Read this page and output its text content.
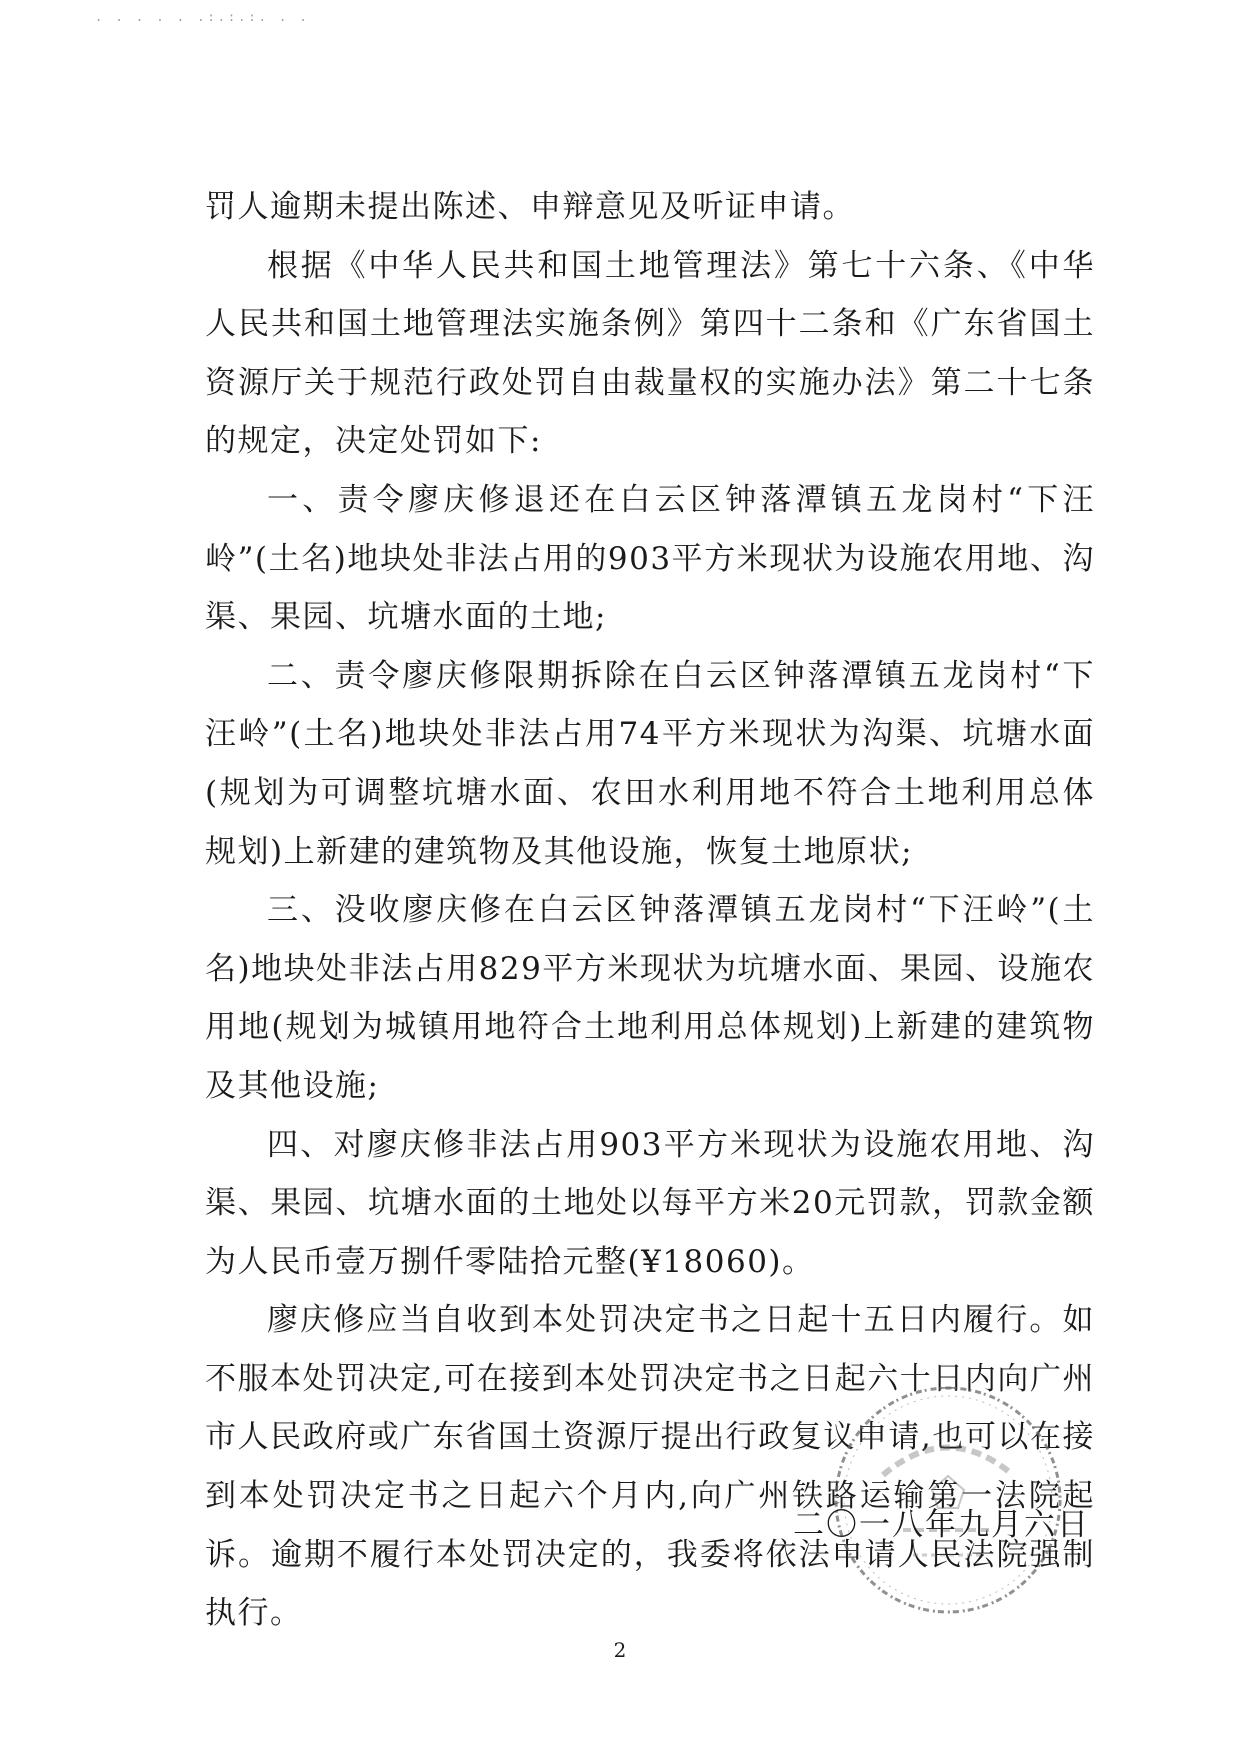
. . . . . .:.:.:. . .

罚人逾期未提出陈述、申辩意见及听证申请。

根据《中华人民共和国土地管理法》第七十六条、《中华人民共和国土地管理法实施条例》第四十二条和《广东省国土资源厅关于规范行政处罚自由裁量权的实施办法》第二十七条的规定，决定处罚如下:

一、责令廖庆修退还在白云区钟落潭镇五龙岗村“下汪岭”(土名)地块处非法占用的903平方米现状为设施农用地、沟渠、果园、坑塘水面的土地;

二、责令廖庆修限期拆除在白云区钟落潭镇五龙岗村“下汪岭”(土名)地块处非法占用74平方米现状为沟渠、坑塘水面(规划为可调整坑塘水面、农田水利用地不符合土地利用总体规划)上新建的建筑物及其他设施，恢复土地原状;

三、没收廖庆修在白云区钟落潭镇五龙岗村“下汪岭”(土名)地块处非法占用829平方米现状为坑塘水面、果园、设施农用地(规划为城镇用地符合土地利用总体规划)上新建的建筑物及其他设施;

四、对廖庆修非法占用903平方米现状为设施农用地、沟渠、果园、坑塘水面的土地处以每平方米20元罚款，罚款金额为人民币壹万捌仟零陆拾元整(¥18060)。

廖庆修应当自收到本处罚决定书之日起十五日内履行。如不服本处罚决定,可在接到本处罚决定书之日起六十日内向广州市人民政府或广东省国土资源厅提出行政复议申请,也可以在接到本处罚决定书之日起六个月内,向广州铁路运输第一法院起诉。逾期不履行本处罚决定的，我委将依法申请人民法院强制执行。

二〇一八年九月六日
2
